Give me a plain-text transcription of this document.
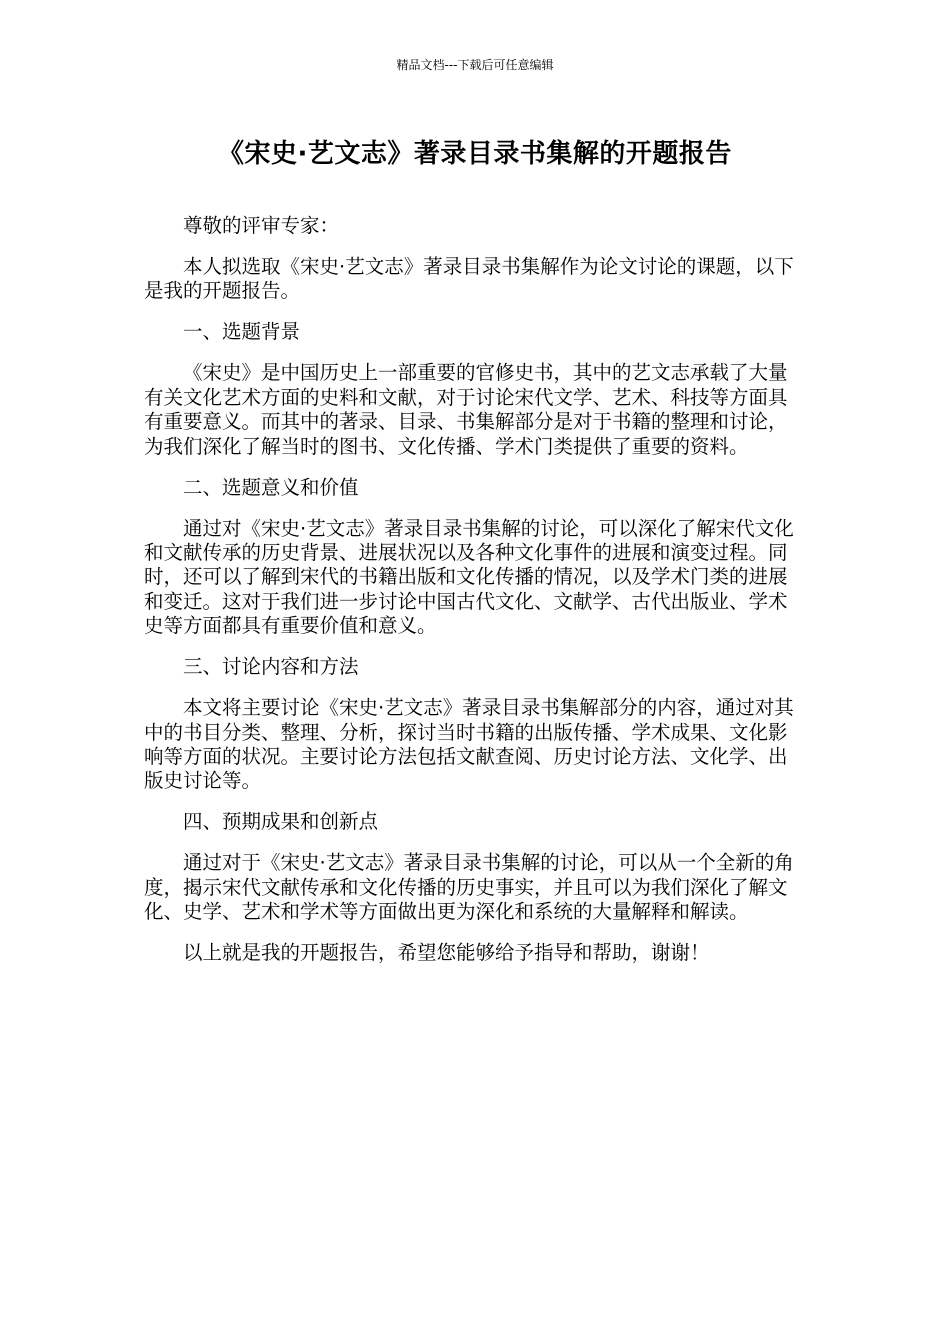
精品文档---下载后可任意编辑
《宋史·艺文志》著录目录书集解的开题报告

尊敬的评审专家：

本人拟选取《宋史·艺文志》著录目录书集解作为论文讨论的课题，以下是我的开题报告。

一、选题背景

《宋史》是中国历史上一部重要的官修史书，其中的艺文志承载了大量有关文化艺术方面的史料和文献，对于讨论宋代文学、艺术、科技等方面具有重要意义。而其中的著录、目录、书集解部分是对于书籍的整理和讨论，为我们深化了解当时的图书、文化传播、学术门类提供了重要的资料。

二、选题意义和价值

通过对《宋史·艺文志》著录目录书集解的讨论，可以深化了解宋代文化和文献传承的历史背景、进展状况以及各种文化事件的进展和演变过程。同时，还可以了解到宋代的书籍出版和文化传播的情况，以及学术门类的进展和变迁。这对于我们进一步讨论中国古代文化、文献学、古代出版业、学术史等方面都具有重要价值和意义。

三、讨论内容和方法

本文将主要讨论《宋史·艺文志》著录目录书集解部分的内容，通过对其中的书目分类、整理、分析，探讨当时书籍的出版传播、学术成果、文化影响等方面的状况。主要讨论方法包括文献查阅、历史讨论方法、文化学、出版史讨论等。

四、预期成果和创新点

通过对于《宋史·艺文志》著录目录书集解的讨论，可以从一个全新的角度，揭示宋代文献传承和文化传播的历史事实，并且可以为我们深化了解文化、史学、艺术和学术等方面做出更为深化和系统的大量解释和解读。

以上就是我的开题报告，希望您能够给予指导和帮助，谢谢！
